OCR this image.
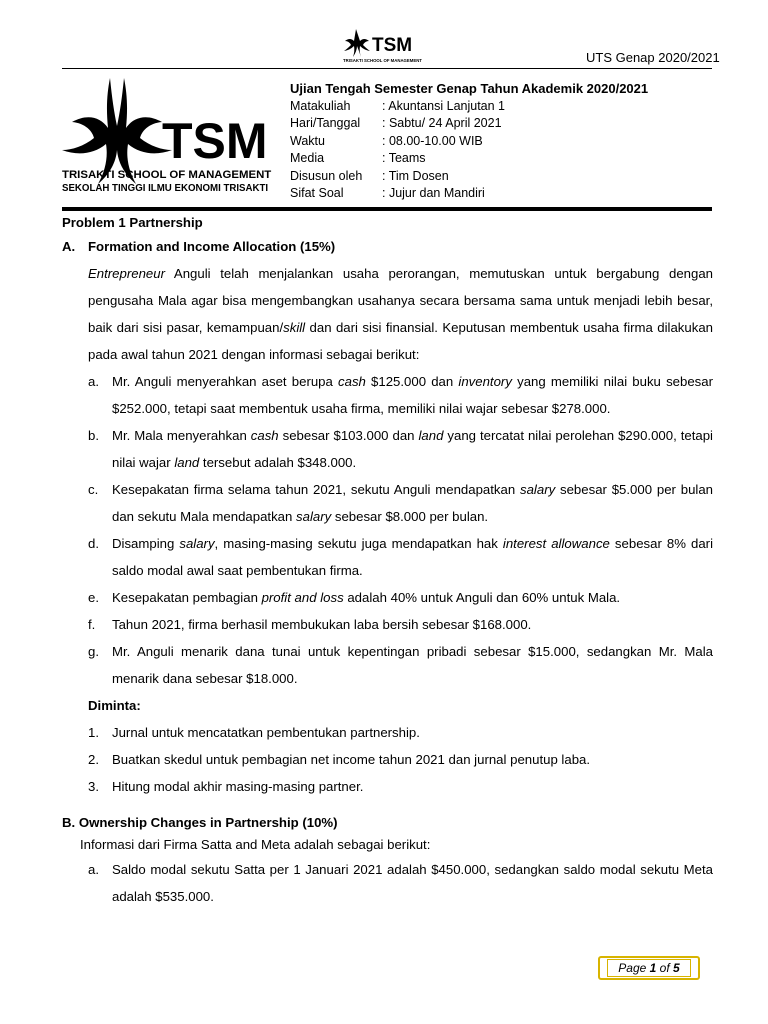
TSM
TRISAKTI SCHOOL OF MANAGEMENT	UTS Genap 2020/2021
TSM
TRISAKTI SCHOOL OF MANAGEMENT
SEKOLAH TINGGI ILMU EKONOMI TRISAKTI
Ujian Tengah Semester Genap Tahun Akademik 2020/2021
Matakuliah	: Akuntansi Lanjutan 1
Hari/Tanggal	: Sabtu/ 24 April 2021
Waktu	: 08.00-10.00 WIB
Media	: Teams
Disusun oleh	: Tim Dosen
Sifat Soal	: Jujur dan Mandiri

Problem 1 Partnership

A. Formation and Income Allocation (15%)

Entrepreneur Anguli telah menjalankan usaha perorangan, memutuskan untuk bergabung dengan pengusaha Mala agar bisa mengembangkan usahanya secara bersama sama untuk menjadi lebih besar, baik dari sisi pasar, kemampuan/skill dan dari sisi finansial. Keputusan membentuk usaha firma dilakukan pada awal tahun 2021 dengan informasi sebagai berikut:

a. Mr. Anguli menyerahkan aset berupa cash $125.000 dan inventory yang memiliki nilai buku sebesar $252.000, tetapi saat membentuk usaha firma, memiliki nilai wajar sebesar $278.000.
b. Mr. Mala menyerahkan cash sebesar $103.000 dan land yang tercatat nilai perolehan $290.000, tetapi nilai wajar land tersebut adalah $348.000.
c.	Kesepakatan firma selama tahun 2021, sekutu Anguli mendapatkan salary sebesar $5.000 per bulan dan sekutu Mala mendapatkan salary sebesar $8.000 per bulan.
d. Disamping salary, masing-masing sekutu juga mendapatkan hak interest allowance sebesar 8% dari saldo modal awal saat pembentukan firma.
e. Kesepakatan pembagian profit and loss adalah 40% untuk Anguli dan 60% untuk Mala.
f.	Tahun 2021, firma berhasil membukukan laba bersih sebesar $168.000.
g. Mr. Anguli menarik dana tunai untuk kepentingan pribadi sebesar $15.000, sedangkan Mr. Mala menarik dana sebesar $18.000.

Diminta:

1. Jurnal untuk mencatatkan pembentukan partnership.
2. Buatkan skedul untuk pembagian net income tahun 2021 dan jurnal penutup laba.
3. Hitung modal akhir masing-masing partner.

B. Ownership Changes in Partnership (10%)

Informasi dari Firma Satta and Meta adalah sebagai berikut:

a. Saldo modal sekutu Satta per 1 Januari 2021 adalah $450.000, sedangkan saldo modal sekutu Meta adalah $535.000.
Page 1 of 5
